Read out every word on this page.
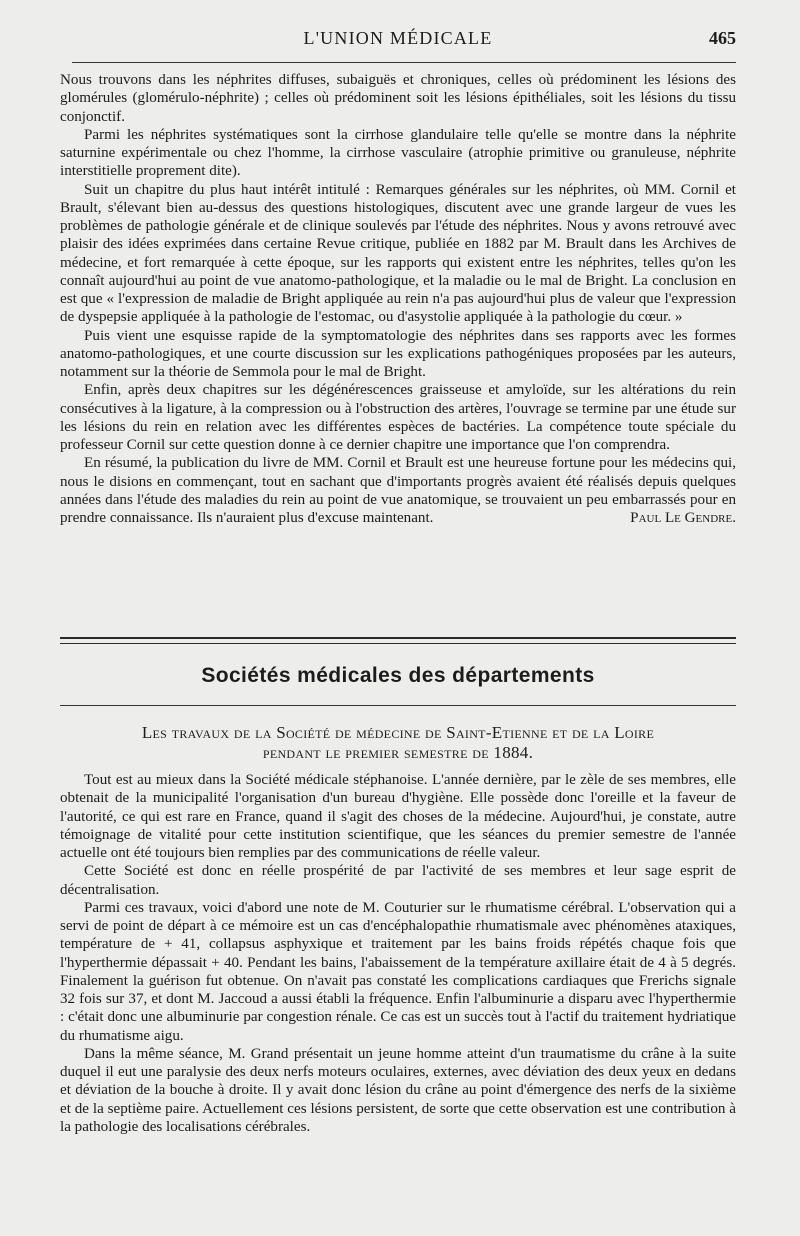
L'UNION MÉDICALE	465

Nous trouvons dans les néphrites diffuses, subaiguës et chroniques, celles où prédominent les lésions des glomérules (glomérulo-néphrite) ; celles où prédominent soit les lésions épithéliales, soit les lésions du tissu conjonctif.

Parmi les néphrites systématiques sont la cirrhose glandulaire telle qu'elle se montre dans la néphrite saturnine expérimentale ou chez l'homme, la cirrhose vasculaire (atrophie primitive ou granuleuse, néphrite interstitielle proprement dite).

Suit un chapitre du plus haut intérêt intitulé : Remarques générales sur les néphrites, où MM. Cornil et Brault, s'élevant bien au-dessus des questions histologiques, discutent avec une grande largeur de vues les problèmes de pathologie générale et de clinique soulevés par l'étude des néphrites. Nous y avons retrouvé avec plaisir des idées exprimées dans certaine Revue critique, publiée en 1882 par M. Brault dans les Archives de médecine, et fort remarquée à cette époque, sur les rapports qui existent entre les néphrites, telles qu'on les connaît aujourd'hui au point de vue anatomo-pathologique, et la maladie ou le mal de Bright. La conclusion en est que « l'expression de maladie de Bright appliquée au rein n'a pas aujourd'hui plus de valeur que l'expression de dyspepsie appliquée à la pathologie de l'estomac, ou d'asystolie appliquée à la pathologie du cœur. »

Puis vient une esquisse rapide de la symptomatologie des néphrites dans ses rapports avec les formes anatomo-pathologiques, et une courte discussion sur les explications pathogéniques proposées par les auteurs, notamment sur la théorie de Semmola pour le mal de Bright.

Enfin, après deux chapitres sur les dégénérescences graisseuse et amyloïde, sur les altérations du rein consécutives à la ligature, à la compression ou à l'obstruction des artères, l'ouvrage se termine par une étude sur les lésions du rein en relation avec les différentes espèces de bactéries. La compétence toute spéciale du professeur Cornil sur cette question donne à ce dernier chapitre une importance que l'on comprendra.

En résumé, la publication du livre de MM. Cornil et Brault est une heureuse fortune pour les médecins qui, nous le disions en commençant, tout en sachant que d'importants progrès avaient été réalisés depuis quelques années dans l'étude des maladies du rein au point de vue anatomique, se trouvaient un peu embarrassés pour en prendre connaissance. Ils n'auraient plus d'excuse maintenant.	Paul Le Gendre.
Sociétés médicales des départements
Les travaux de la Société de médecine de Saint-Etienne et de la Loire
pendant le premier semestre de 1884.

Tout est au mieux dans la Société médicale stéphanoise. L'année dernière, par le zèle de ses membres, elle obtenait de la municipalité l'organisation d'un bureau d'hygiène. Elle possède donc l'oreille et la faveur de l'autorité, ce qui est rare en France, quand il s'agit des choses de la médecine. Aujourd'hui, je constate, autre témoignage de vitalité pour cette institution scientifique, que les séances du premier semestre de l'année actuelle ont été toujours bien remplies par des communications de réelle valeur.

Cette Société est donc en réelle prospérité de par l'activité de ses membres et leur sage esprit de décentralisation.

Parmi ces travaux, voici d'abord une note de M. Couturier sur le rhumatisme cérébral. L'observation qui a servi de point de départ à ce mémoire est un cas d'encéphalopathie rhumatismale avec phénomènes ataxiques, température de + 41, collapsus asphyxique et traitement par les bains froids répétés chaque fois que l'hyperthermie dépassait + 40. Pendant les bains, l'abaissement de la température axillaire était de 4 à 5 degrés. Finalement la guérison fut obtenue. On n'avait pas constaté les complications cardiaques que Frerichs signale 32 fois sur 37, et dont M. Jaccoud a aussi établi la fréquence. Enfin l'albuminurie a disparu avec l'hyperthermie : c'était donc une albuminurie par congestion rénale. Ce cas est un succès tout à l'actif du traitement hydriatique du rhumatisme aigu.

Dans la même séance, M. Grand présentait un jeune homme atteint d'un traumatisme du crâne à la suite duquel il eut une paralysie des deux nerfs moteurs oculaires, externes, avec déviation des deux yeux en dedans et déviation de la bouche à droite. Il y avait donc lésion du crâne au point d'émergence des nerfs de la sixième et de la septième paire. Actuellement ces lésions persistent, de sorte que cette observation est une contribution à la pathologie des localisations cérébrales.
